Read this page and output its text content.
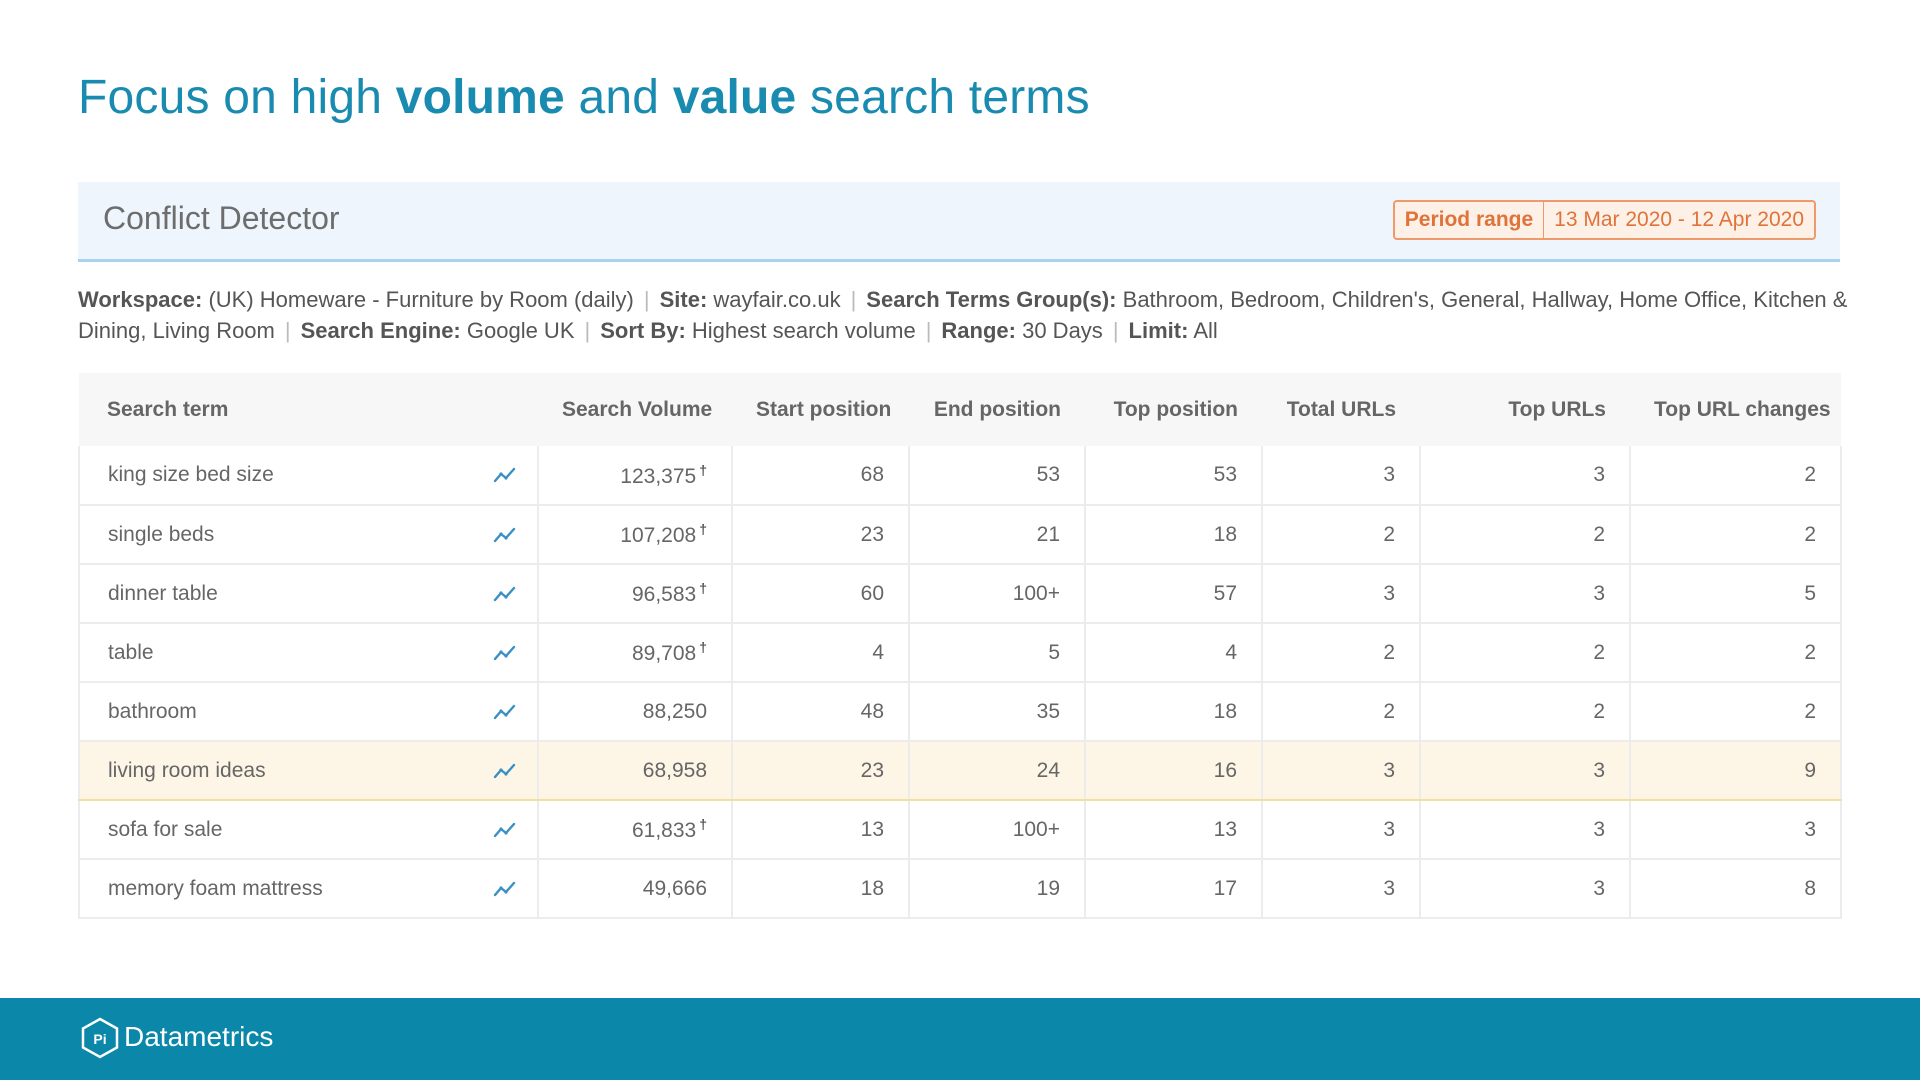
Focus on high volume and value search terms
Conflict Detector	Period range	13 Mar 2020 - 12 Apr 2020
Workspace: (UK) Homeware - Furniture by Room (daily) | Site: wayfair.co.uk | Search Terms Group(s): Bathroom, Bedroom, Children's, General, Hallway, Home Office, Kitchen & Dining, Living Room | Search Engine: Google UK | Sort By: Highest search volume | Range: 30 Days | Limit: All
Search term	Search Volume	Start position	End position	Top position	Total URLs	Top URLs	Top URL changes
king size bed size	123,375 †	68	53	53	3	3	2
single beds	107,208 †	23	21	18	2	2	2
dinner table	96,583 †	60	100+	57	3	3	5
table	89,708 †	4	5	4	2	2	2
bathroom	88,250	48	35	18	2	2	2
living room ideas	68,958	23	24	16	3	3	9
sofa for sale	61,833 †	13	100+	13	3	3	3
memory foam mattress	49,666	18	19	17	3	3	8
Pi Datametrics
